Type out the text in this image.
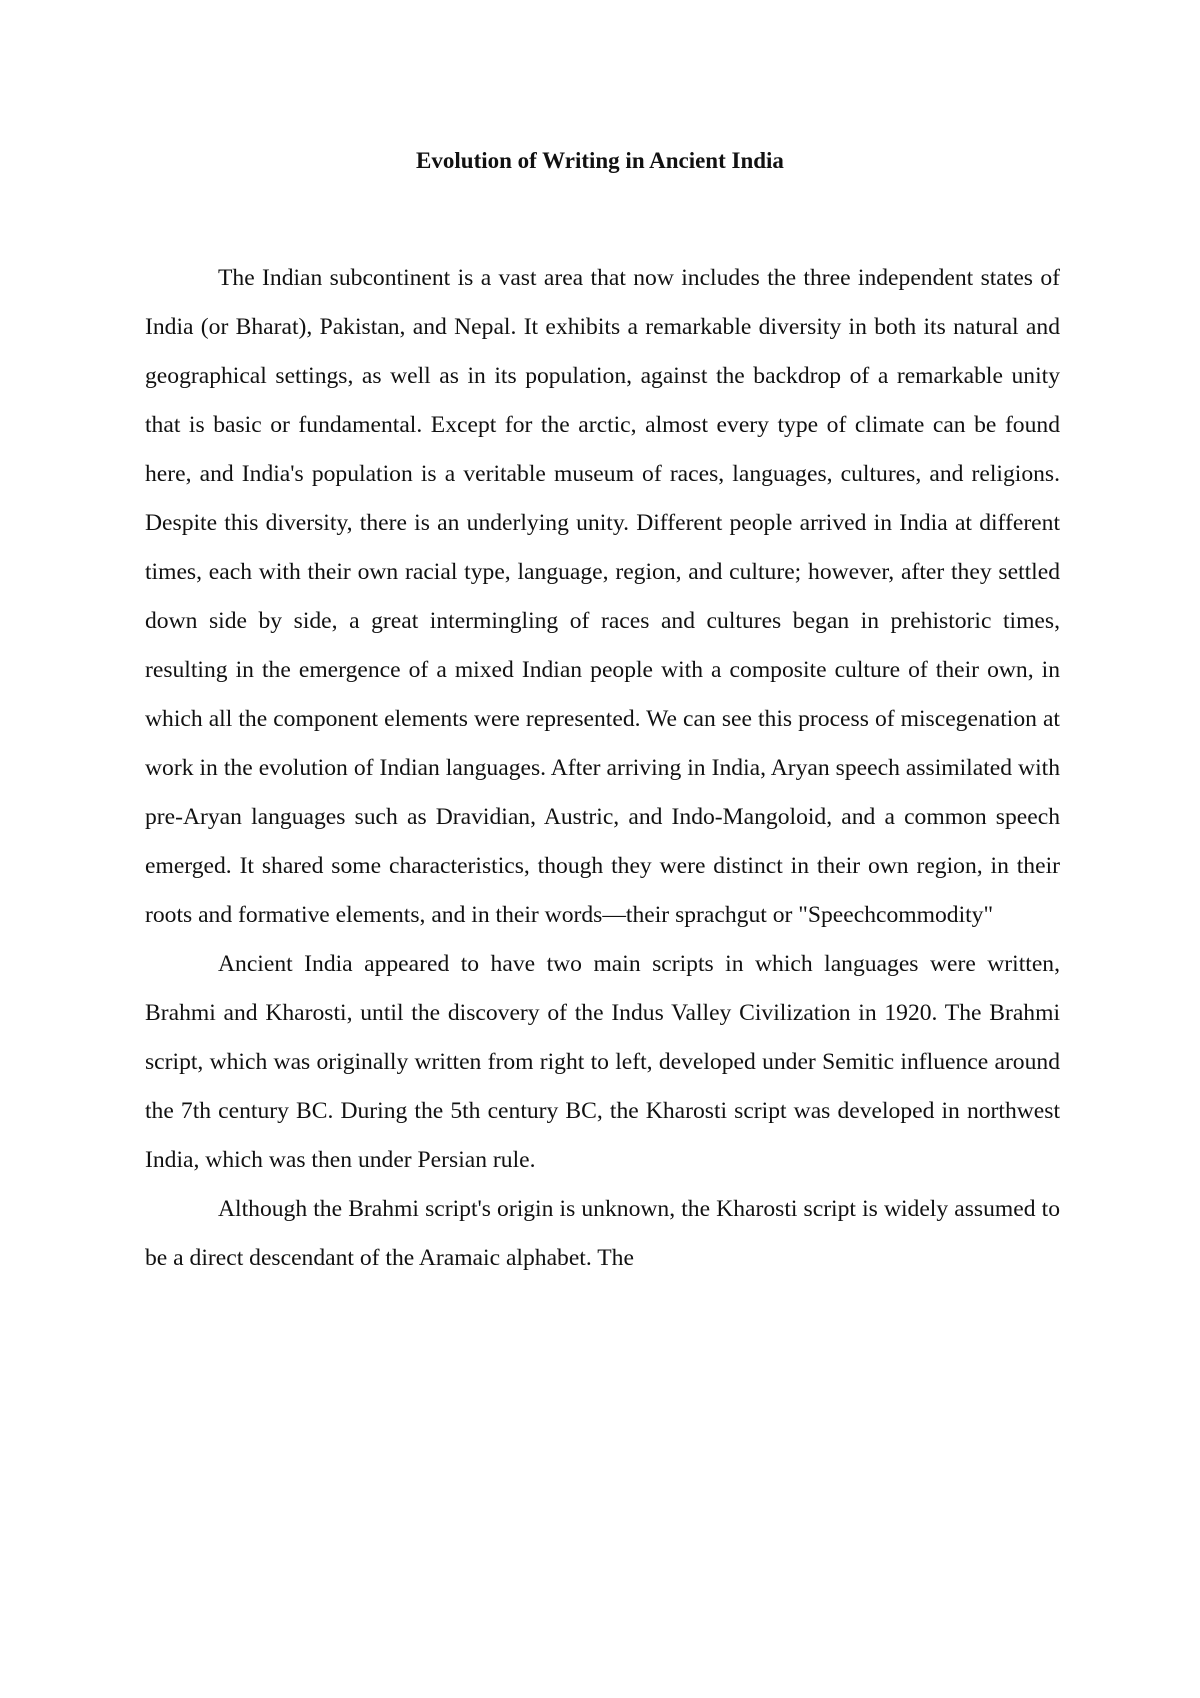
Evolution of Writing in Ancient India

The Indian subcontinent is a vast area that now includes the three independent states of India (or Bharat), Pakistan, and Nepal. It exhibits a remarkable diversity in both its natural and geographical settings, as well as in its population, against the backdrop of a remarkable unity that is basic or fundamental. Except for the arctic, almost every type of climate can be found here, and India's population is a veritable museum of races, languages, cultures, and religions. Despite this diversity, there is an underlying unity. Different people arrived in India at different times, each with their own racial type, language, region, and culture; however, after they settled down side by side, a great intermingling of races and cultures began in prehistoric times, resulting in the emergence of a mixed Indian people with a composite culture of their own, in which all the component elements were represented. We can see this process of miscegenation at work in the evolution of Indian languages. After arriving in India, Aryan speech assimilated with pre-Aryan languages such as Dravidian, Austric, and Indo-Mangoloid, and a common speech emerged. It shared some characteristics, though they were distinct in their own region, in their roots and formative elements, and in their words—their sprachgut or "Speechcommodity"

Ancient India appeared to have two main scripts in which languages were written, Brahmi and Kharosti, until the discovery of the Indus Valley Civilization in 1920. The Brahmi script, which was originally written from right to left, developed under Semitic influence around the 7th century BC. During the 5th century BC, the Kharosti script was developed in northwest India, which was then under Persian rule.

Although the Brahmi script's origin is unknown, the Kharosti script is widely assumed to be a direct descendant of the Aramaic alphabet. The
